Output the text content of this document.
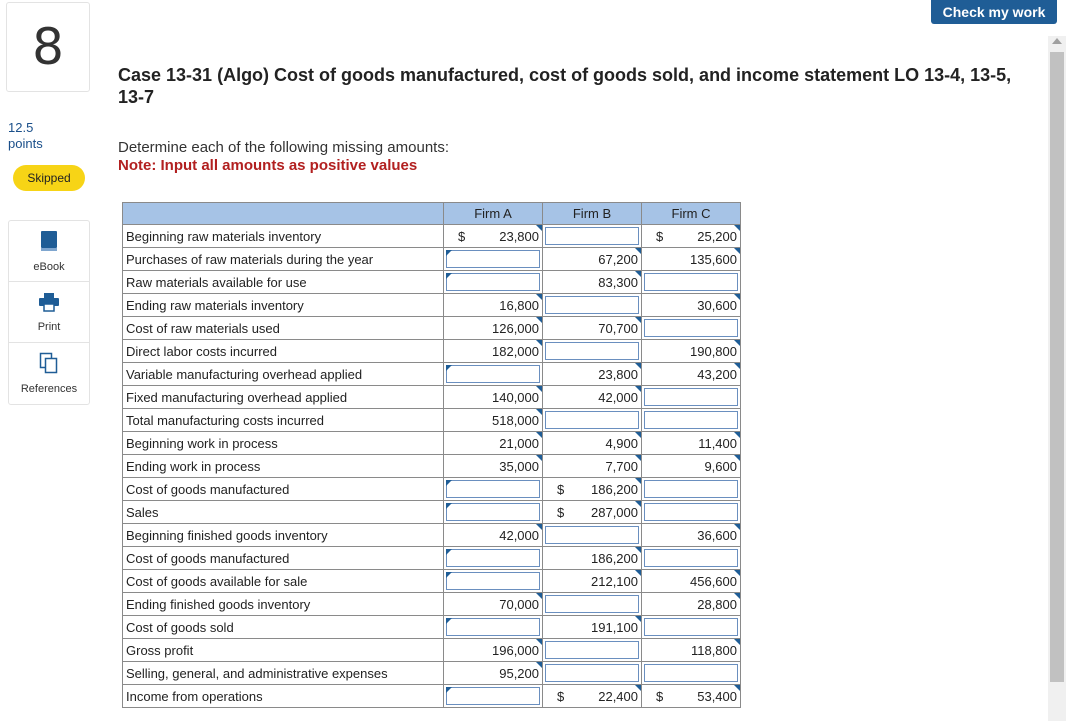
8
12.5
points
Skipped
eBook
Print
References
Check my work
Case 13-31 (Algo) Cost of goods manufactured, cost of goods sold, and income statement LO 13-4, 13-5, 13-7
Determine each of the following missing amounts:
Note: Input all amounts as positive values
	Firm A	Firm B	Firm C
Beginning raw materials inventory	$ 23,800		$ 25,200

Purchases of raw materials during the year		67,200	135,600

Raw materials available for use		83,300	

Ending raw materials inventory	16,800		30,600

Cost of raw materials used	126,000	70,700	

Direct labor costs incurred	182,000		190,800

Variable manufacturing overhead applied		23,800	43,200

Fixed manufacturing overhead applied	140,000	42,000	

Total manufacturing costs incurred	518,000		

Beginning work in process	21,000	4,900	11,400

Ending work in process	35,000	7,700	9,600

Cost of goods manufactured		$ 186,200	

Sales		$ 287,000	

Beginning finished goods inventory	42,000		36,600

Cost of goods manufactured		186,200	

Cost of goods available for sale		212,100	456,600

Ending finished goods inventory	70,000		28,800

Cost of goods sold		191,100	

Gross profit	196,000		118,800

Selling, general, and administrative expenses	95,200		

Income from operations		$ 22,400	$ 53,400
